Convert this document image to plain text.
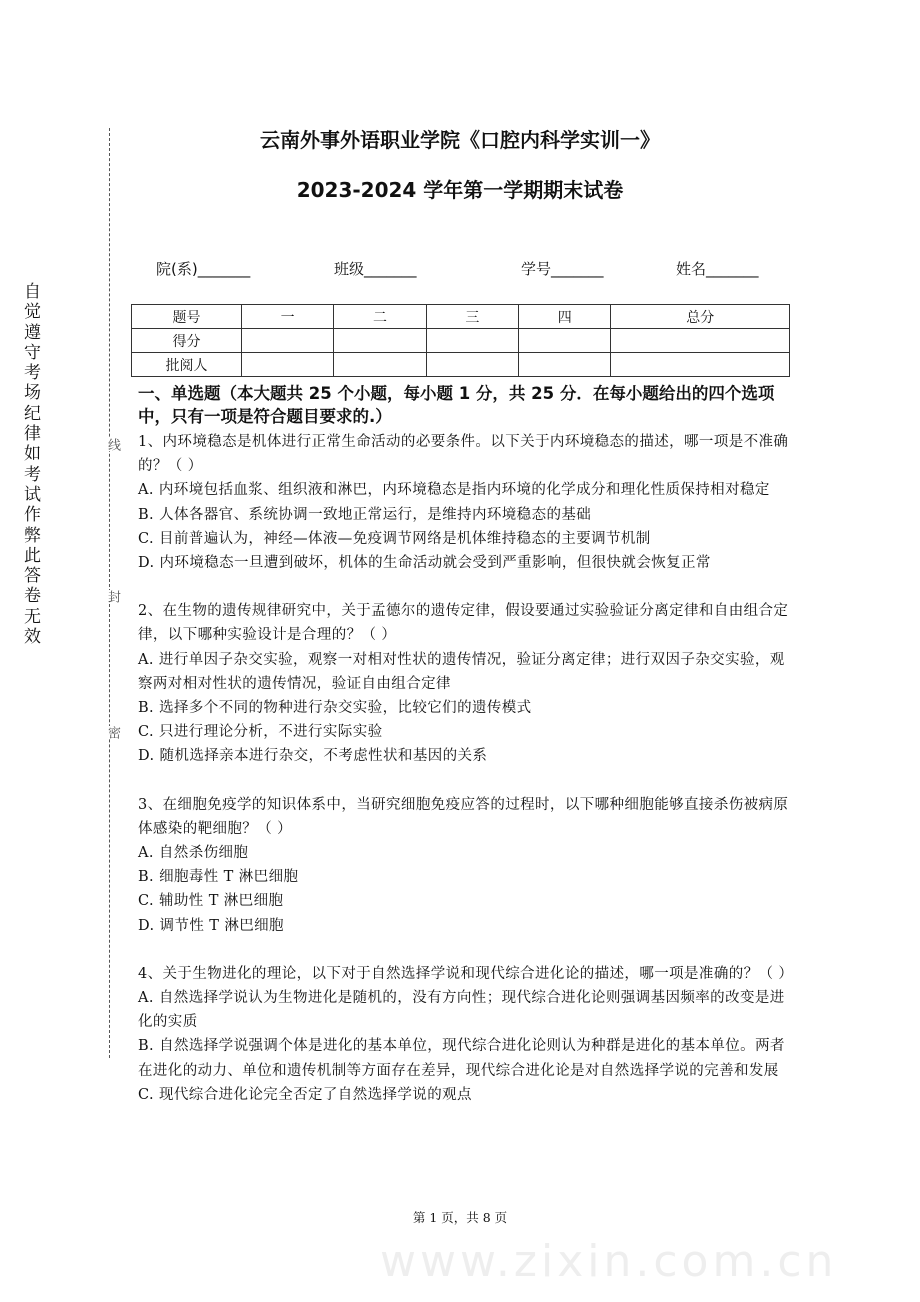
云南外事外语职业学院《口腔内科学实训一》
2023-2024 学年第一学期期末试卷
自觉遵守考场纪律如考试作弊此答卷无效
线
封
密
院(系)_______	班级_______	学号_______	姓名_______
题号	一	二	三	四	总分
得分					
批阅人					
一、单选题（本大题共 25 个小题，每小题 1 分，共 25 分．在每小题给出的四个选项中，只有一项是符合题目要求的.）
1、内环境稳态是机体进行正常生命活动的必要条件。以下关于内环境稳态的描述，哪一项是不准确的？（ ）
A. 内环境包括血浆、组织液和淋巴，内环境稳态是指内环境的化学成分和理化性质保持相对稳定
B. 人体各器官、系统协调一致地正常运行，是维持内环境稳态的基础
C. 目前普遍认为，神经—体液—免疫调节网络是机体维持稳态的主要调节机制
D. 内环境稳态一旦遭到破坏，机体的生命活动就会受到严重影响，但很快就会恢复正常
2、在生物的遗传规律研究中，关于孟德尔的遗传定律，假设要通过实验验证分离定律和自由组合定律，以下哪种实验设计是合理的？（ ）
A. 进行单因子杂交实验，观察一对相对性状的遗传情况，验证分离定律；进行双因子杂交实验，观察两对相对性状的遗传情况，验证自由组合定律
B. 选择多个不同的物种进行杂交实验，比较它们的遗传模式
C. 只进行理论分析，不进行实际实验
D. 随机选择亲本进行杂交，不考虑性状和基因的关系
3、在细胞免疫学的知识体系中，当研究细胞免疫应答的过程时，以下哪种细胞能够直接杀伤被病原体感染的靶细胞？（ ）
A. 自然杀伤细胞
B. 细胞毒性 T 淋巴细胞
C. 辅助性 T 淋巴细胞
D. 调节性 T 淋巴细胞
4、关于生物进化的理论，以下对于自然选择学说和现代综合进化论的描述，哪一项是准确的？（ ）
A. 自然选择学说认为生物进化是随机的，没有方向性；现代综合进化论则强调基因频率的改变是进化的实质
B. 自然选择学说强调个体是进化的基本单位，现代综合进化论则认为种群是进化的基本单位。两者在进化的动力、单位和遗传机制等方面存在差异，现代综合进化论是对自然选择学说的完善和发展
C. 现代综合进化论完全否定了自然选择学说的观点
第 1 页，共 8 页
www.zixin.com.cn
